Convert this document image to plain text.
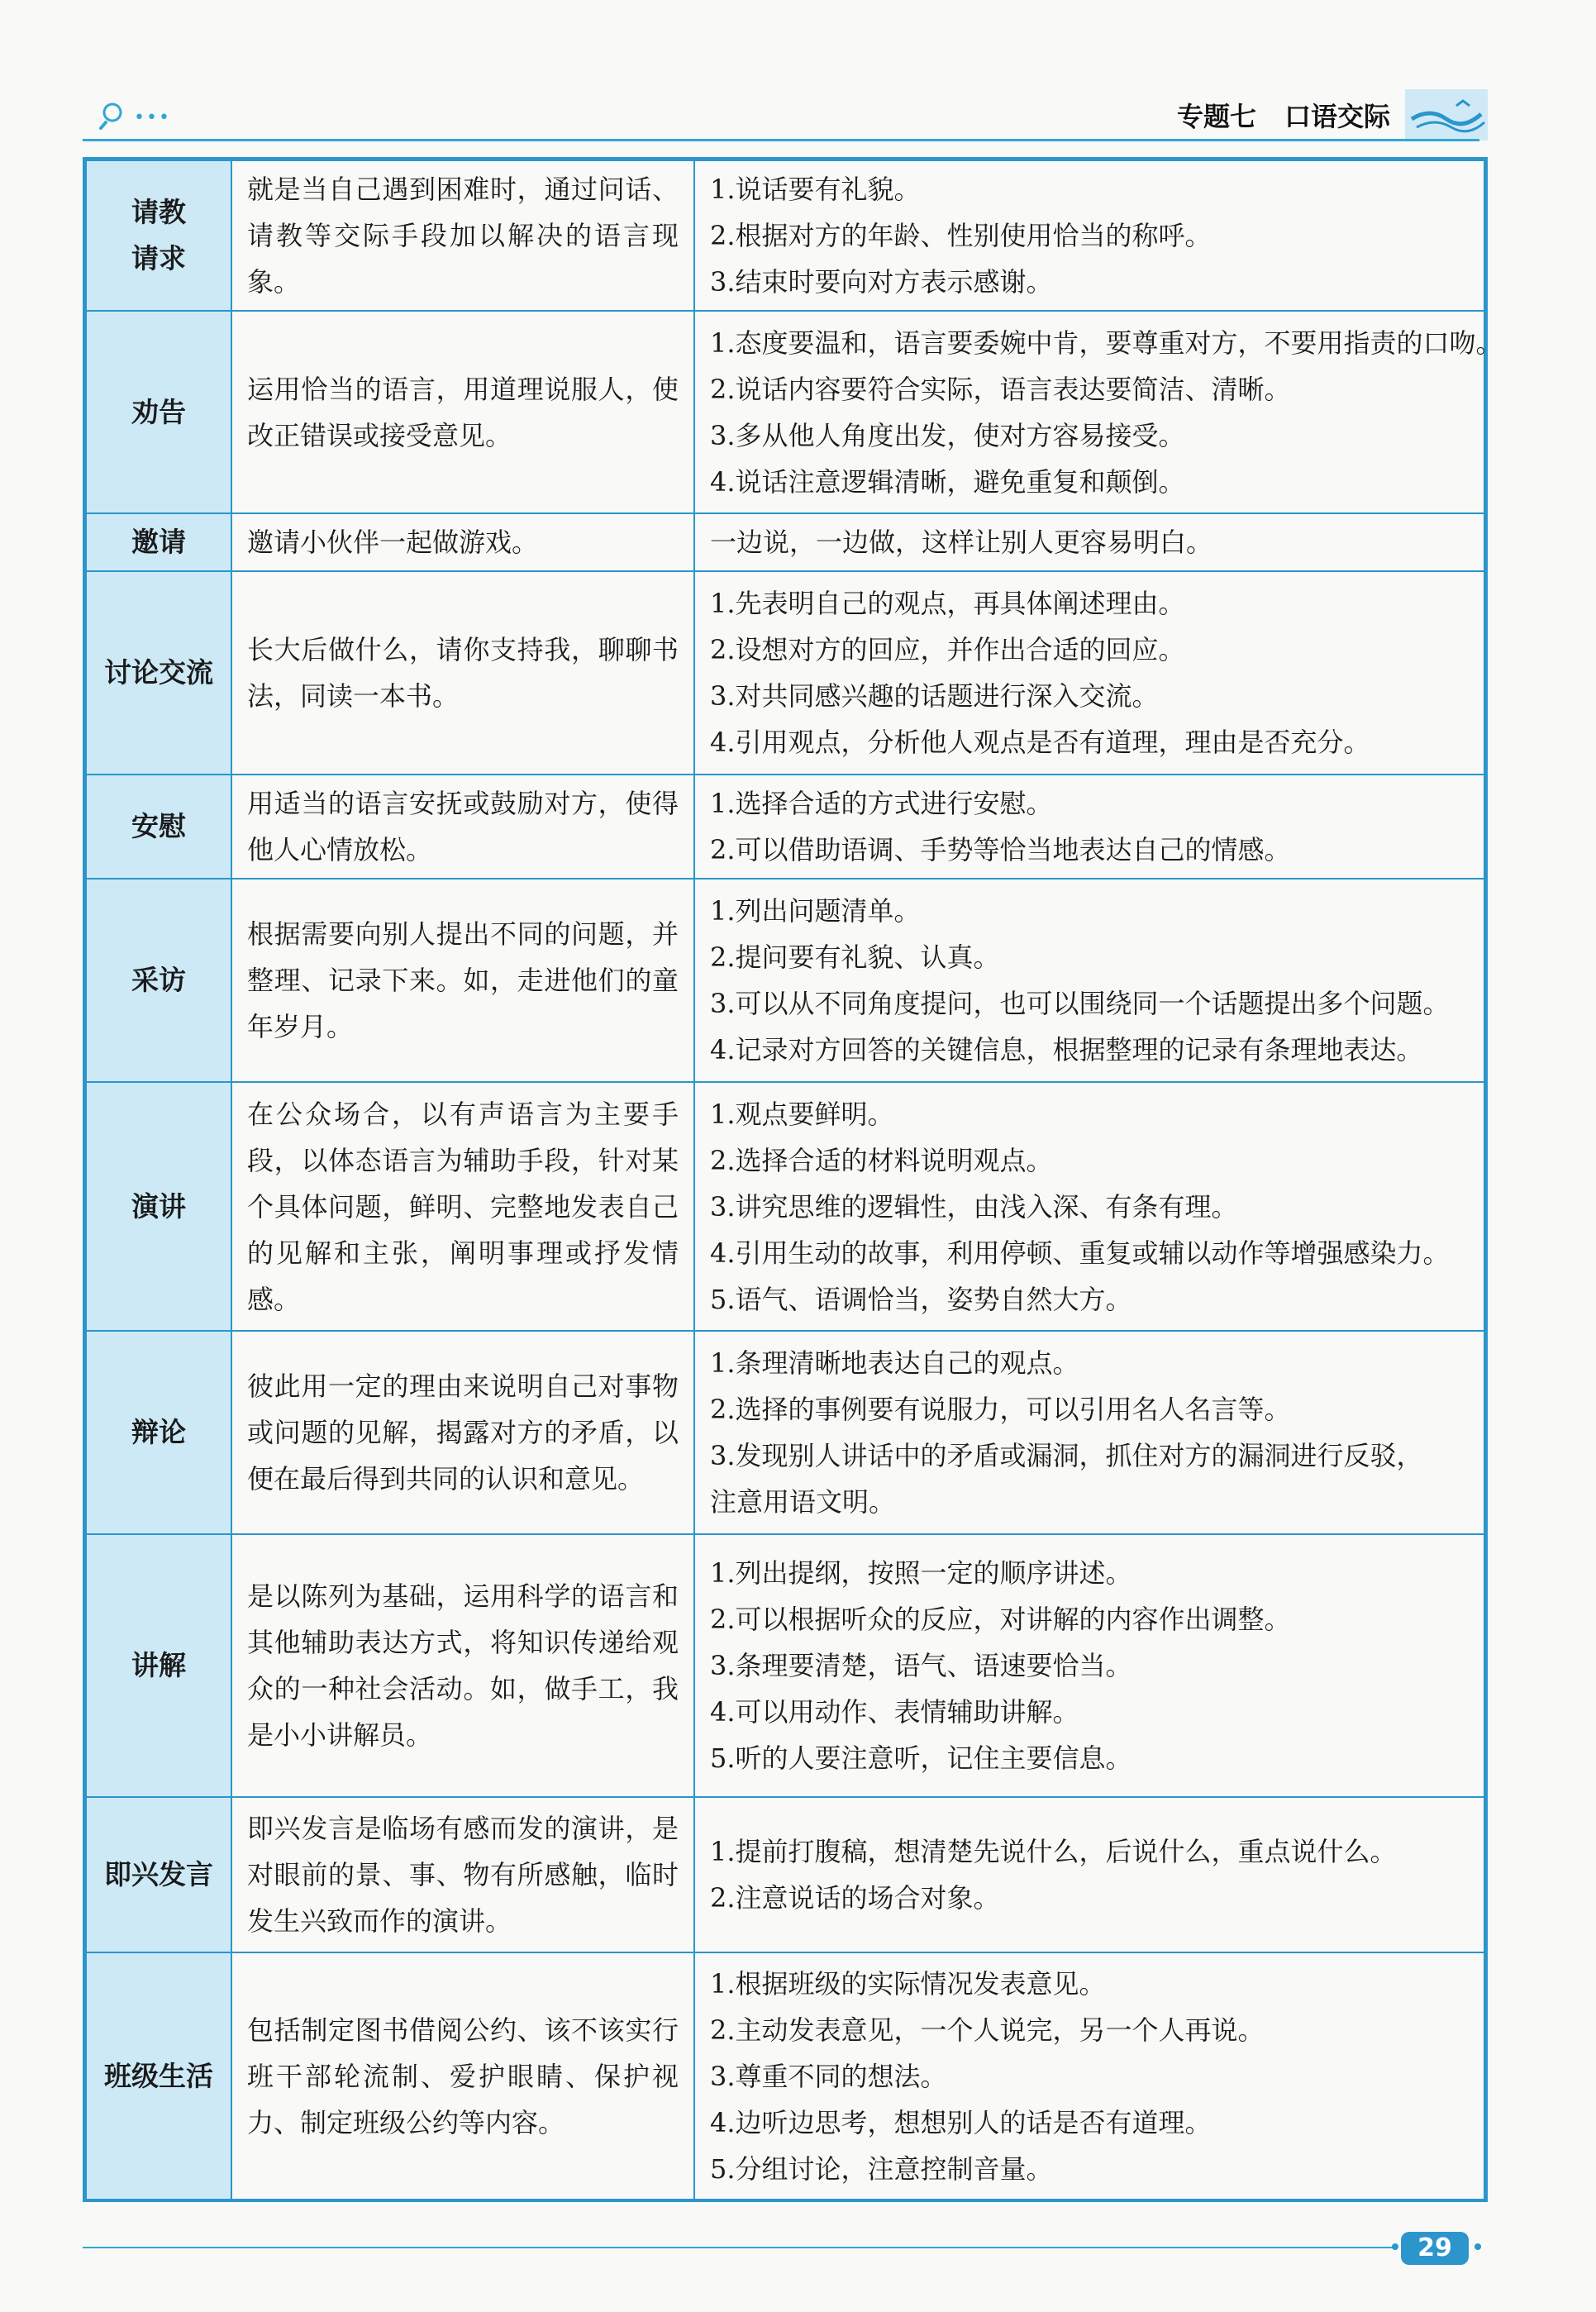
•••	专题七 口语交际
请教请求	就是当自己遇到困难时，通过问话、请教等交际手段加以解决的语言现象。	1.说话要有礼貌。
2.根据对方的年龄、性别使用恰当的称呼。
3.结束时要向对方表示感谢。

劝告	运用恰当的语言，用道理说服人，使改正错误或接受意见。	1.态度要温和，语言要委婉中肯，要尊重对方，不要用指责的口吻。
2.说话内容要符合实际，语言表达要简洁、清晰。
3.多从他人角度出发，使对方容易接受。
4.说话注意逻辑清晰，避免重复和颠倒。

邀请	邀请小伙伴一起做游戏。	一边说，一边做，这样让别人更容易明白。

讨论交流	长大后做什么，请你支持我，聊聊书法，同读一本书。	1.先表明自己的观点，再具体阐述理由。
2.设想对方的回应，并作出合适的回应。
3.对共同感兴趣的话题进行深入交流。
4.引用观点，分析他人观点是否有道理，理由是否充分。

安慰	用适当的语言安抚或鼓励对方，使得他人心情放松。	1.选择合适的方式进行安慰。
2.可以借助语调、手势等恰当地表达自己的情感。

采访	根据需要向别人提出不同的问题，并整理、记录下来。如，走进他们的童年岁月。	1.列出问题清单。
2.提问要有礼貌、认真。
3.可以从不同角度提问，也可以围绕同一个话题提出多个问题。
4.记录对方回答的关键信息，根据整理的记录有条理地表达。

演讲	在公众场合，以有声语言为主要手段，以体态语言为辅助手段，针对某个具体问题，鲜明、完整地发表自己的见解和主张，阐明事理或抒发情感。	1.观点要鲜明。
2.选择合适的材料说明观点。
3.讲究思维的逻辑性，由浅入深、有条有理。
4.引用生动的故事，利用停顿、重复或辅以动作等增强感染力。
5.语气、语调恰当，姿势自然大方。

辩论	彼此用一定的理由来说明自己对事物或问题的见解，揭露对方的矛盾，以便在最后得到共同的认识和意见。	1.条理清晰地表达自己的观点。
2.选择的事例要有说服力，可以引用名人名言等。
3.发现别人讲话中的矛盾或漏洞，抓住对方的漏洞进行反驳，
注意用语文明。

讲解	是以陈列为基础，运用科学的语言和其他辅助表达方式，将知识传递给观众的一种社会活动。如，做手工，我是小小讲解员。	1.列出提纲，按照一定的顺序讲述。
2.可以根据听众的反应，对讲解的内容作出调整。
3.条理要清楚，语气、语速要恰当。
4.可以用动作、表情辅助讲解。
5.听的人要注意听，记住主要信息。

即兴发言	即兴发言是临场有感而发的演讲，是对眼前的景、事、物有所感触，临时发生兴致而作的演讲。	1.提前打腹稿，想清楚先说什么，后说什么，重点说什么。
2.注意说话的场合对象。

班级生活	包括制定图书借阅公约、该不该实行班干部轮流制、爱护眼睛、保护视力、制定班级公约等内容。	1.根据班级的实际情况发表意见。
2.主动发表意见，一个人说完，另一个人再说。
3.尊重不同的想法。
4.边听边思考，想想别人的话是否有道理。
5.分组讨论，注意控制音量。
29
